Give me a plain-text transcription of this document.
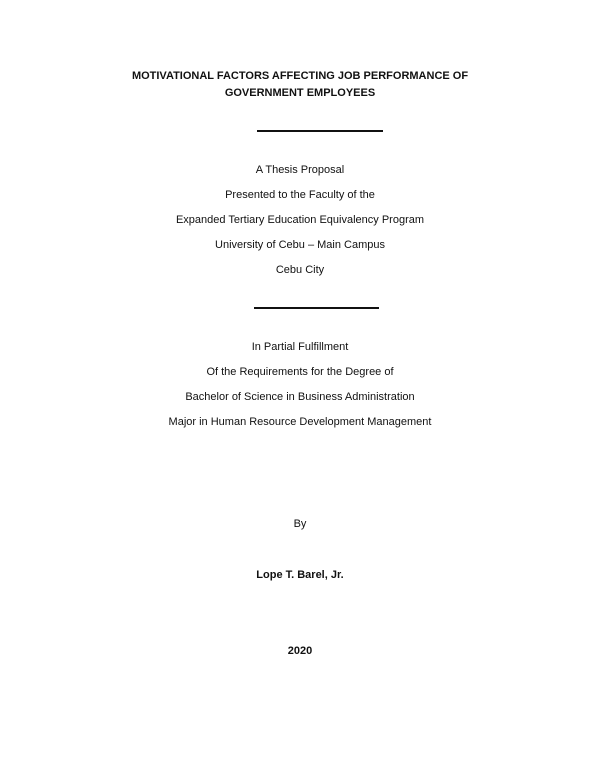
MOTIVATIONAL FACTORS AFFECTING JOB PERFORMANCE OF
GOVERNMENT EMPLOYEES
A Thesis Proposal
Presented to the Faculty of the
Expanded Tertiary Education Equivalency Program
University of Cebu – Main Campus
Cebu City
In Partial Fulfillment
Of the Requirements for the Degree of
Bachelor of Science in Business Administration
Major in Human Resource Development Management
By
Lope T. Barel, Jr.
2020
